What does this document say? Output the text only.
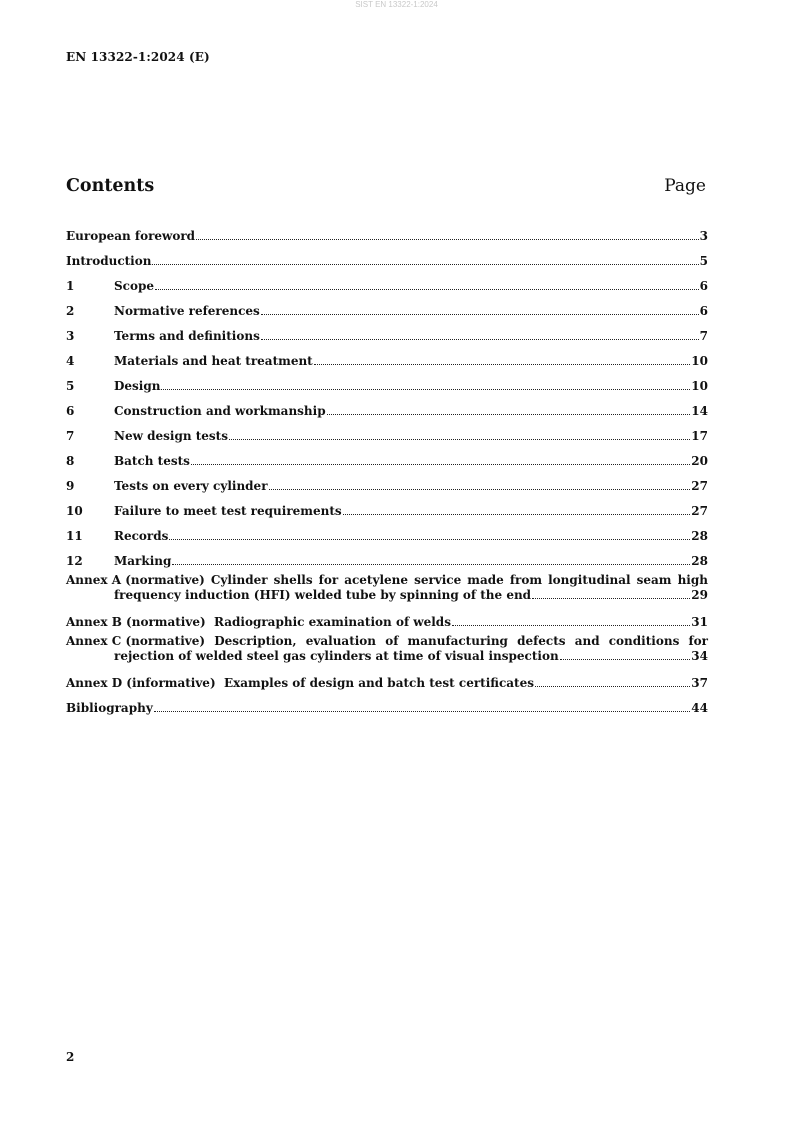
SIST EN 13322-1:2024
EN 13322-1:2024 (E)
Contents	Page
European foreword	3
Introduction	5
1	Scope	6
2	Normative references	6
3	Terms and definitions	7
4	Materials and heat treatment	10
5	Design	10
6	Construction and workmanship	14
7	New design tests	17
8	Batch tests	20
9	Tests on every cylinder	27
10	Failure to meet test requirements	27
11	Records	28
12	Marking	28
Annex A (normative) Cylinder shells for acetylene service made from longitudinal seam high
frequency induction (HFI) welded tube by spinning of the end	29
Annex B (normative)  Radiographic examination of welds	31
Annex C (normative) Description, evaluation of manufacturing defects and conditions for
rejection of welded steel gas cylinders at time of visual inspection	34
Annex D (informative)  Examples of design and batch test certificates	37
Bibliography	44
2
